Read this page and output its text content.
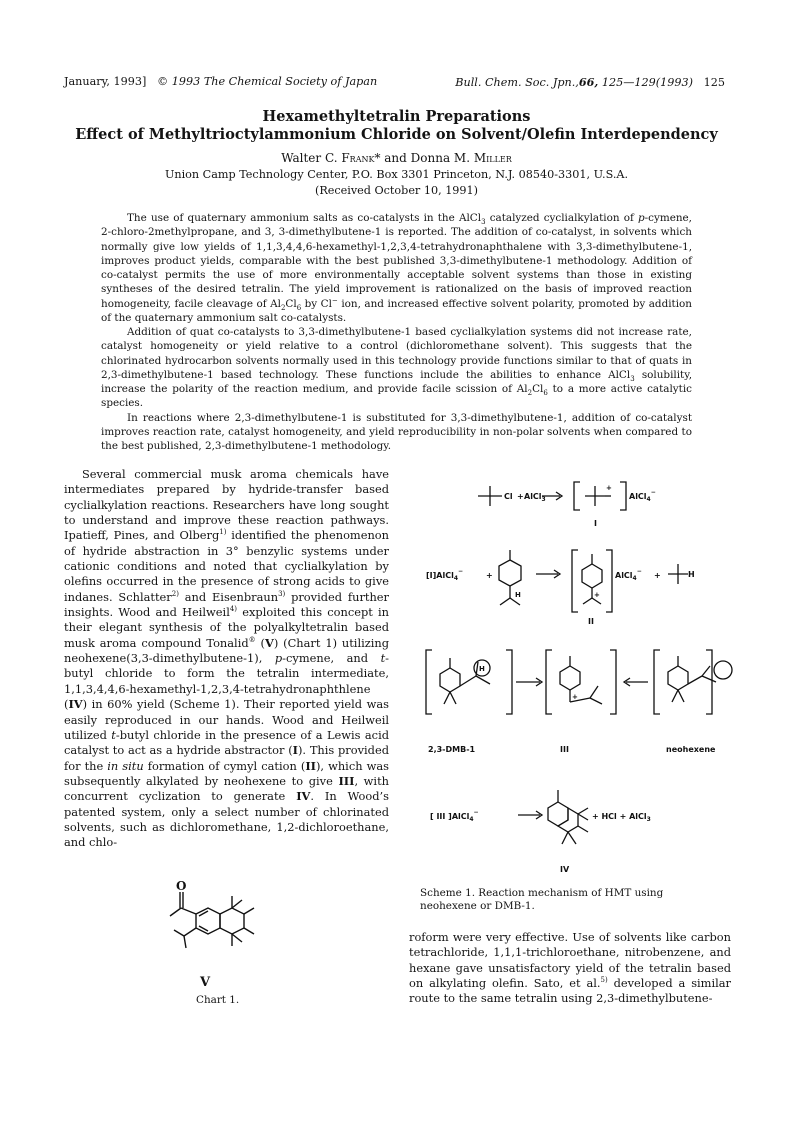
January, 1993] © 1993 The Chemical Society of Japan	Bull. Chem. Soc. Jpn.,66, 125—129(1993) 125
Hexamethyltetralin Preparations
Effect of Methyltrioctylammonium Chloride on Solvent/Olefin Interdependency
Walter C. Frank* and Donna M. Miller
Union Camp Technology Center, P.O. Box 3301 Princeton, N.J. 08540-3301, U.S.A.
(Received October 10, 1991)

The use of quaternary ammonium salts as co-catalysts in the AlCl$_3$ catalyzed cyclialkylation of p-cymene, 2-chloro-2methylpropane, and 3, 3-dimethylbutene-1 is reported. The addition of co-catalyst, in solvents which normally give low yields of 1,1,3,4,4,6-hexamethyl-1,2,3,4-tetrahydronaphthalene with 3,3-dimethylbutene-1, improves product yields, comparable with the best published 3,3-dimethylbutene-1 methodology. Addition of co-catalyst permits the use of more environmentally acceptable solvent systems than those in existing syntheses of the desired tetralin. The yield improvement is rationalized on the basis of improved reaction homogeneity, facile cleavage of $Al_2Cl_6$ by Cl− ion, and increased effective solvent polarity, promoted by addition of the quaternary ammonium salt co-catalysts.

Addition of quat co-catalysts to 3,3-dimethylbutene-1 based cyclialkylation systems did not increase rate, catalyst homogeneity or yield relative to a control (dichloromethane solvent). This suggests that the chlorinated hydrocarbon solvents normally used in this technology provide functions similar to that of quats in 2,3-dimethylbutene-1 based technology. These functions include the abilities to enhance AlCl$_3$ solubility, increase the polarity of the reaction medium, and provide facile scission of $Al_2Cl_6$ to a more active catalytic species.

In reactions where 2,3-dimethylbutene-1 is substituted for 3,3-dimethylbutene-1, addition of co-catalyst improves reaction rate, catalyst homogeneity, and yield reproducibility in non-polar solvents when compared to the best published, 2,3-dimethylbutene-1 methodology.

Several commercial musk aroma chemicals have intermediates prepared by hydride-transfer based cyclialkylation reactions. Researchers have long sought to understand and improve these reaction pathways. Ipatieff, Pines, and Olberg$^{1)}$ identified the phenomenon of hydride abstraction in 3° benzylic systems under cationic conditions and noted that cyclialkylation by olefins occurred in the presence of strong acids to give indanes. Schlatter$^{2)}$ and Eisenbraun$^{3)}$ provided further insights. Wood and Heilweil$^{4)}$ exploited this concept in their elegant synthesis of the polyalkyltetralin based musk aroma compound Tonalid® (V) (Chart 1) utilizing neohexene(3,3-dimethylbutene-1), p-cymene, and t-butyl chloride to form the tetralin intermediate, 1,1,3,4,4,6-hexamethyl-1,2,3,4-tetrahydronaphthlene (IV) in 60% yield (Scheme 1). Their reported yield was easily reproduced in our hands. Wood and Heilweil utilized t-butyl chloride in the presence of a Lewis acid catalyst to act as a hydride abstractor (I). This provided for the in situ formation of cymyl cation (II), which was subsequently alkylated by neohexene to give III, with concurrent cyclization to generate IV. In Wood’s patented system, only a select number of chlorinated solvents, such as dichloromethane, 1,2-dichloroethane, and chlo-

roform were very effective. Use of solvents like carbon tetrachloride, 1,1,1-trichloroethane, nitrobenzene, and hexane gave unsatisfactory yield of the tetralin based on alkylating olefin. Sato, et al.$^{5)}$ developed a similar route to the same tetralin using 2,3-dimethylbutene-

Cl + AlCl$_3$
+
AlCl$_4$−
I
[I]AlCl$_4$−	+
H	+
AlCl$_4$− +	H
II
H
+
2,3-DMB-1	III	neohexene
[ III ]AlCl$_4$−	+ HCl + AlCl$_3$
IV
Scheme 1. Reaction mechanism of HMT using neohexene or DMB-1.
O
V
Chart 1.
